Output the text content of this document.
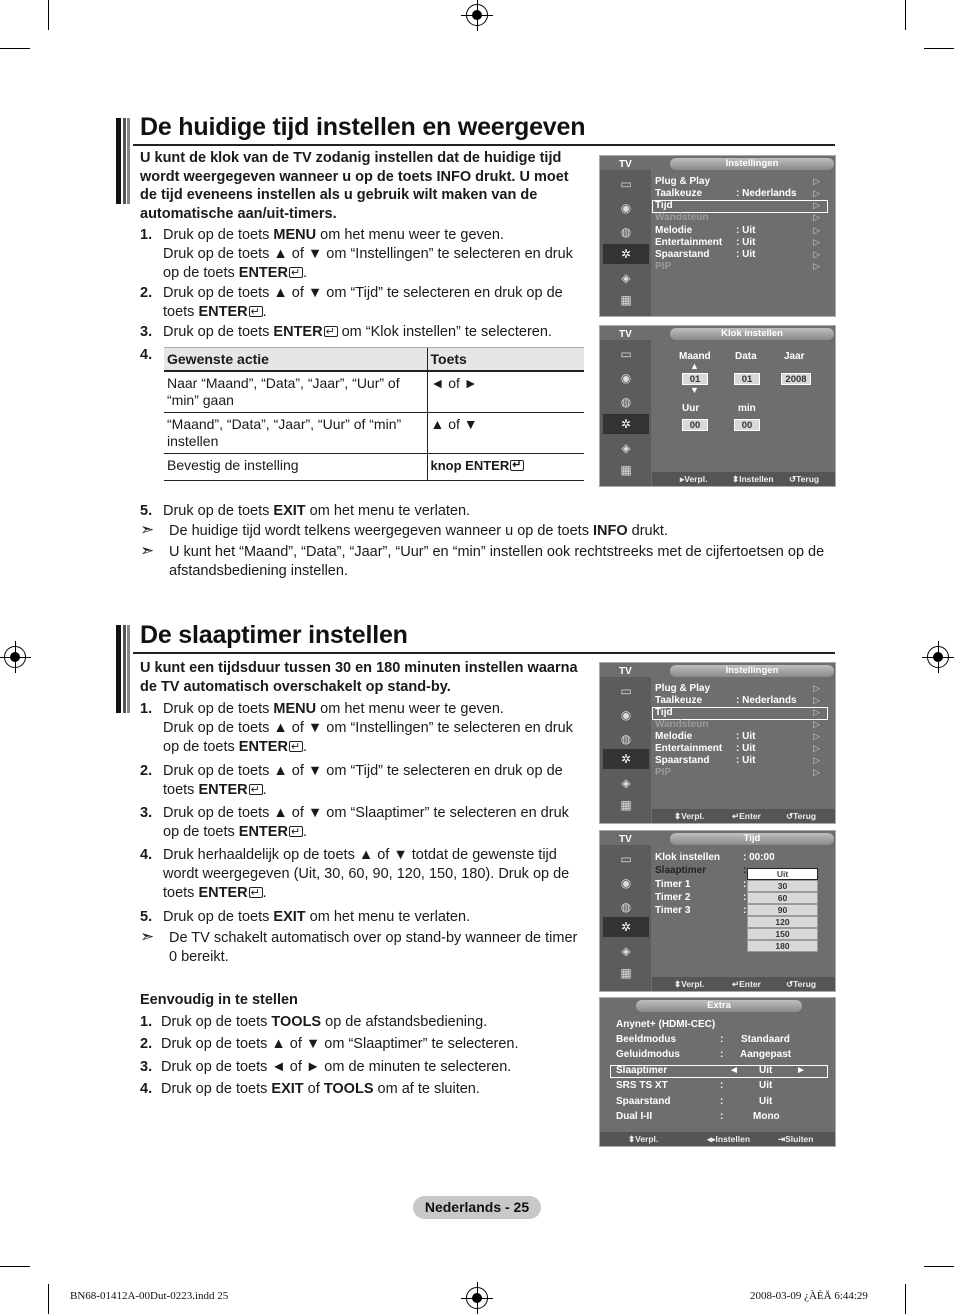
De huidige tijd instellen en weergeven
U kunt de klok van de TV zodanig instellen dat de huidige tijd wordt weergegeven wanneer u op de toets INFO drukt. U moet de tijd eveneens instellen als u gebruik wilt maken van de automatische aan/uit-timers.
1. Druk op de toets MENU om het menu weer te geven.
Druk op de toets ▲ of ▼ om “Instellingen” te selecteren en druk op de toets ENTER ↵ .
2. Druk op de toets ▲ of ▼ om “Tijd” te selecteren en druk op de toets ENTER ↵ .
3. Druk op de toets ENTER↵ om “Klok instellen” te selecteren.
4. Gewenste actie	Toets
Naar “Maand”, “Data”, “Jaar”, “Uur” of “min” gaan	◄ of ►
“Maand”, “Data”, “Jaar”, “Uur” of “min” instellen	▲ of ▼
Bevestig de instelling	knop ENTER↵
5. Druk op de toets EXIT om het menu te verlaten.
➣ De huidige tijd wordt telkens weergegeven wanneer u op de toets INFO drukt.
➣ U kunt het “Maand”, “Data”, “Jaar”, “Uur” en “min” instellen ook rechtstreeks met de cijfertoetsen op de afstandsbediening instellen.
TV	Instellingen
▭
◉
◍
✲
◈
▦
Plug & Play
Taalkeuze	: Nederlands
Tijd
Wandsteun
Melodie	: Uit
Entertainment : Uit
Spaarstand	: Uit
PIP
▷
▷
▷
▷
▷
▷
▷
▷
TV	Klok instellen
▭
◉
◍
✲
◈
▦
Maand Data	Jaar
▲
01	01	2008
▼
Uur	min
00	00
▸ Verpl.	⬍ Instellen ↺ Terug
De slaaptimer instellen
U kunt een tijdsduur tussen 30 en 180 minuten instellen waarna de TV automatisch overschakelt op stand-by.
1. Druk op de toets MENU om het menu weer te geven.
Druk op de toets ▲ of ▼ om “Instellingen” te selecteren en druk op de toets ENTER ↵ .
2. Druk op de toets ▲ of ▼ om “Tijd” te selecteren en druk op de toets ENTER ↵ .
3. Druk op de toets ▲ of ▼ om “Slaaptimer” te selecteren en druk op de toets ENTER ↵ .
4. Druk herhaaldelijk op de toets ▲ of ▼ totdat de gewenste tijd wordt weergegeven (Uit, 30, 60, 90, 120, 150, 180). Druk op de toets ENTER ↵ .
5. Druk op de toets EXIT om het menu te verlaten.
➣ De TV schakelt automatisch over op stand-by wanneer de timer 0 bereikt.
Eenvoudig in te stellen
1. Druk op de toets TOOLS op de afstandsbediening.
2. Druk op de toets ▲ of ▼ om “Slaaptimer” te selecteren.
3. Druk op de toets ◄ of ► om de minuten te selecteren.
4. Druk op de toets EXIT of TOOLS om af te sluiten.
TV	Instellingen
▭
◉
◍
✲
◈
▦
Plug & Play
Taalkeuze	: Nederlands
Tijd
Wandsteun
Melodie	: Uit
Entertainment : Uit
Spaarstand	: Uit
PIP
▷
▷
▷
▷
▷
▷
▷
▷
⬍ Verpl.	↵ Enter	↺ Terug
TV	Tijd
▭
◉
◍
✲
◈
▦
Klok instellen : 00:00
Slaaptimer	:
Timer 1	:
Timer 2	:
Timer 3	:
Uit
30
60
90
120
150
180
⬍ Verpl.	↵ Enter	↺ Terug
Extra
Anynet+ (HDMI-CEC)
Beeldmodus	: Standaard
Geluidmodus	: Aangepast
Slaaptimer	◄ Uit ►
SRS TS XT	:	Uit
Spaarstand	:	Uit
Dual I-II	:	Mono
⬍ Verpl.	◂▸ Instellen	⇥ Sluiten
Nederlands - 25
BN68-01412A-00Dut-0223.indd 25	2008-03-09 ¿ÀÈÄ 6:44:29
